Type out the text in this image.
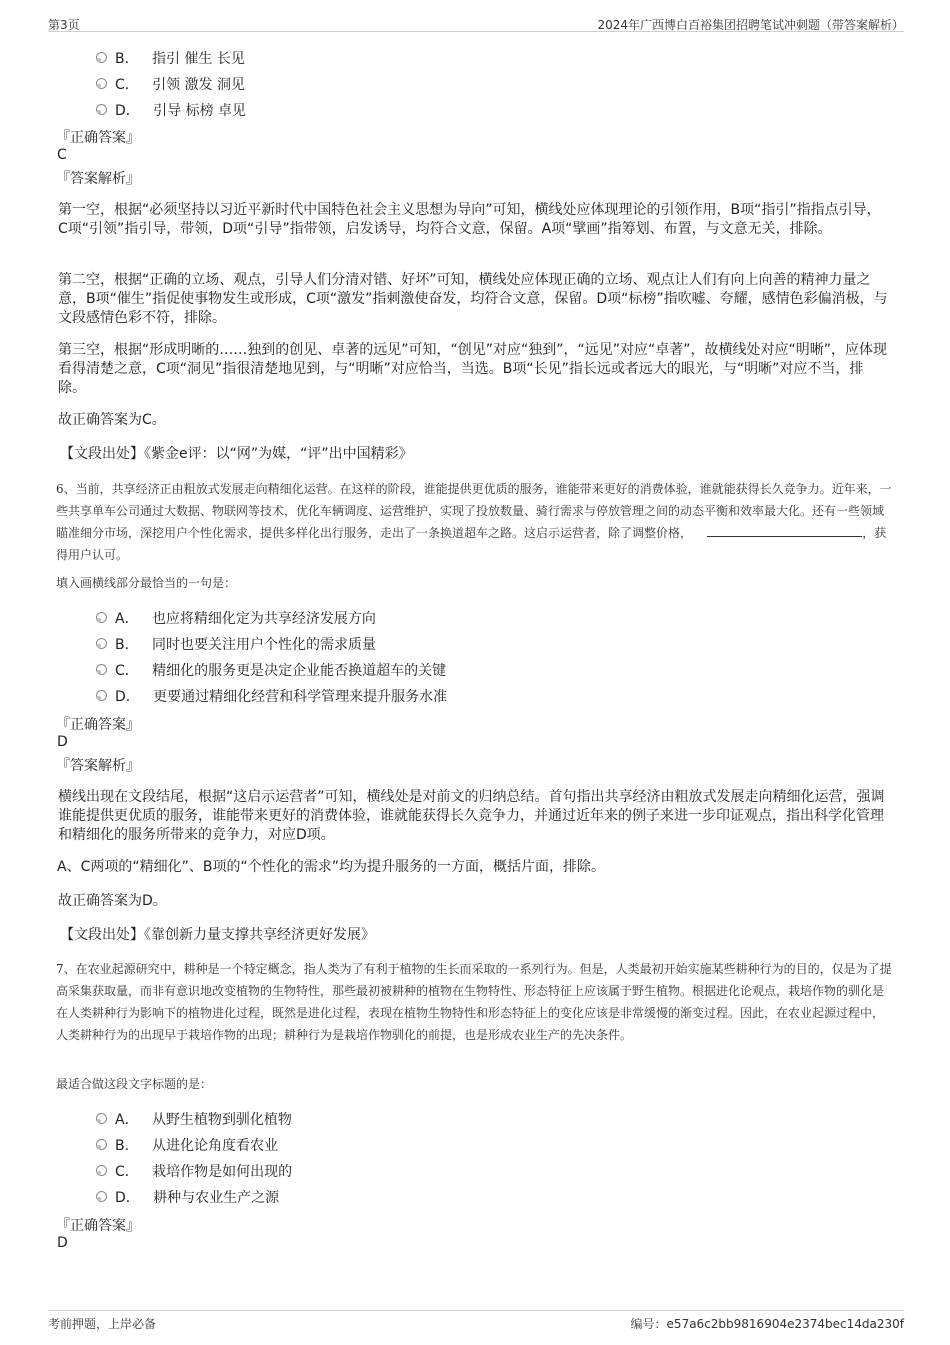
第3页	2024年广西博白百裕集团招聘笔试冲刺题（带答案解析）
B． 指引 催生 长见
C． 引领 激发 洞见
D． 引导 标榜 卓见
『正确答案』
C
『答案解析』
第一空，根据“必须坚持以习近平新时代中国特色社会主义思想为导向”可知，横线处应体现理论的引领作用，B项“指引”指指点引导，C项“引领”指引导，带领，D项“引导”指带领，启发诱导，均符合文意，保留。A项“擘画”指筹划、布置，与文意无关，排除。
第二空，根据“正确的立场、观点，引导人们分清对错、好坏”可知，横线处应体现正确的立场、观点让人们有向上向善的精神力量之意，B项“催生”指促使事物发生或形成，C项“激发”指刺激使奋发，均符合文意，保留。D项“标榜”指吹嘘、夸耀，感情色彩偏消极，与文段感情色彩不符，排除。
第三空，根据“形成明晰的……独到的创见、卓著的远见”可知，“创见”对应“独到”，“远见”对应“卓著”，故横线处对应“明晰”，应体现看得清楚之意，C项“洞见”指很清楚地见到，与“明晰”对应恰当，当选。B项“长见”指长远或者远大的眼光，与“明晰”对应不当，排除。
故正确答案为C。
【文段出处】《紫金e评：以“网”为媒，“评”出中国精彩》
6、当前，共享经济正由粗放式发展走向精细化运营。在这样的阶段，谁能提供更优质的服务，谁能带来更好的消费体验，谁就能获得长久竞争力。近年来，一些共享单车公司通过大数据、物联网等技术，优化车辆调度、运营维护，实现了投放数量、骑行需求与停放管理之间的动态平衡和效率最大化。还有一些领域瞄准细分市场，深挖用户个性化需求，提供多样化出行服务，走出了一条换道超车之路。这启示运营者，除了调整价格，	，获得用户认可。
填入画横线部分最恰当的一句是：
A． 也应将精细化定为共享经济发展方向
B． 同时也要关注用户个性化的需求质量
C． 精细化的服务更是决定企业能否换道超车的关键
D． 更要通过精细化经营和科学管理来提升服务水准
『正确答案』
D
『答案解析』
横线出现在文段结尾，根据“这启示运营者”可知，横线处是对前文的归纳总结。首句指出共享经济由粗放式发展走向精细化运营，强调谁能提供更优质的服务，谁能带来更好的消费体验，谁就能获得长久竞争力，并通过近年来的例子来进一步印证观点，指出科学化管理和精细化的服务所带来的竞争力，对应D项。
A、C两项的“精细化”、B项的“个性化的需求”均为提升服务的一方面，概括片面，排除。
故正确答案为D。
【文段出处】《靠创新力量支撑共享经济更好发展》
7、在农业起源研究中，耕种是一个特定概念，指人类为了有利于植物的生长而采取的一系列行为。但是，人类最初开始实施某些耕种行为的目的，仅是为了提高采集获取量，而非有意识地改变植物的生物特性，那些最初被耕种的植物在生物特性、形态特征上应该属于野生植物。根据进化论观点，栽培作物的驯化是在人类耕种行为影响下的植物进化过程，既然是进化过程，表现在植物生物特性和形态特征上的变化应该是非常缓慢的渐变过程。因此，在农业起源过程中，人类耕种行为的出现早于栽培作物的出现；耕种行为是栽培作物驯化的前提，也是形成农业生产的先决条件。
最适合做这段文字标题的是：
A． 从野生植物到驯化植物
B． 从进化论角度看农业
C． 栽培作物是如何出现的
D． 耕种与农业生产之源
『正确答案』
D
考前押题，上岸必备	编号：e57a6c2bb9816904e2374bec14da230f
